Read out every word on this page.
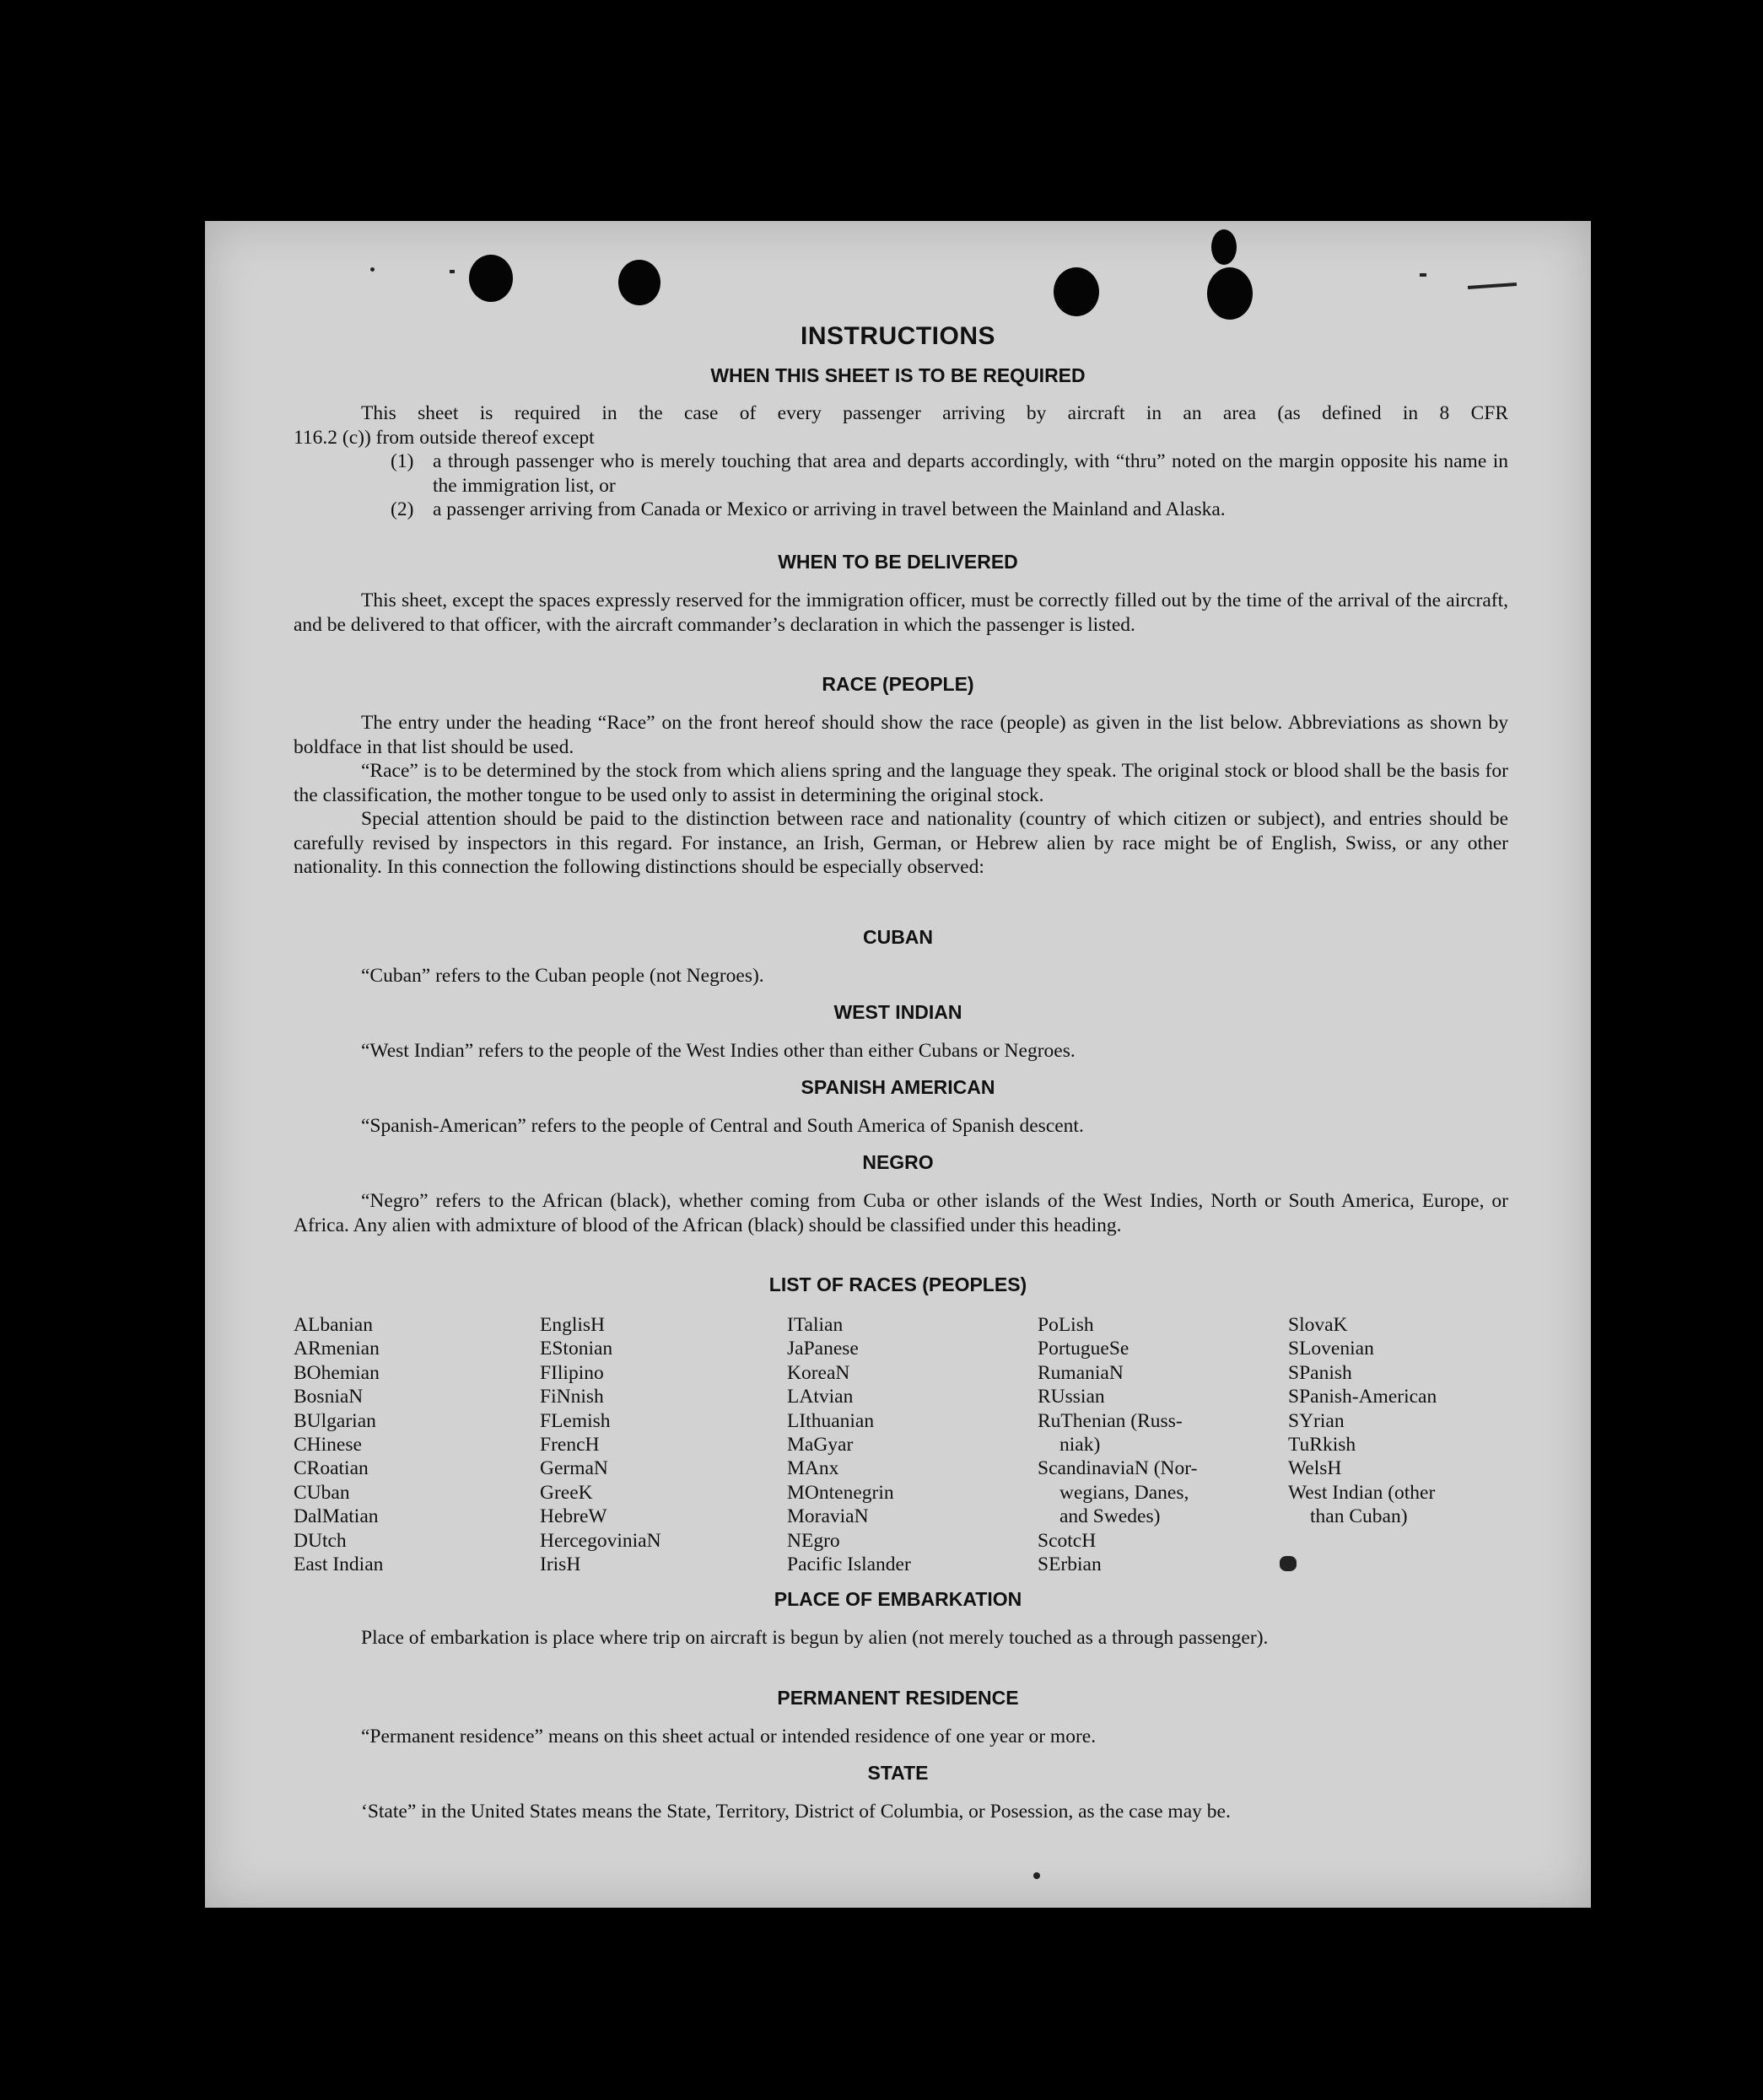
INSTRUCTIONS
WHEN THIS SHEET IS TO BE REQUIRED

This sheet is required in the case of every passenger arriving by aircraft in an area (as defined in 8 CFR

116.2 (c)) from outside thereof except

(1) a through passenger who is merely touching that area and departs accordingly, with “thru” noted on the margin opposite his name in the immigration list, or
(2) a passenger arriving from Canada or Mexico or arriving in travel between the Mainland and Alaska.
WHEN TO BE DELIVERED

This sheet, except the spaces expressly reserved for the immigration officer, must be correctly filled out by the time of the arrival of the aircraft, and be delivered to that officer, with the aircraft commander’s declaration in which the passenger is listed.

RACE (PEOPLE)

The entry under the heading “Race” on the front hereof should show the race (people) as given in the list below. Abbreviations as shown by boldface in that list should be used.

“Race” is to be determined by the stock from which aliens spring and the language they speak. The original stock or blood shall be the basis for the classification, the mother tongue to be used only to assist in determining the original stock.

Special attention should be paid to the distinction between race and nationality (country of which citizen or subject), and entries should be carefully revised by inspectors in this regard. For instance, an Irish, German, or Hebrew alien by race might be of English, Swiss, or any other nationality. In this connection the following distinctions should be especially observed:

CUBAN

“Cuban” refers to the Cuban people (not Negroes).

WEST INDIAN

“West Indian” refers to the people of the West Indies other than either Cubans or Negroes.

SPANISH AMERICAN

“Spanish-American” refers to the people of Central and South America of Spanish descent.

NEGRO

“Negro” refers to the African (black), whether coming from Cuba or other islands of the West Indies, North or South America, Europe, or Africa. Any alien with admixture of blood of the African (black) should be classified under this heading.

LIST OF RACES (PEOPLES)
ALbanian
ARmenian
BOhemian
BosniaN
BUlgarian
CHinese
CRoatian
CUban
DalMatian
DUtch
East Indian
EnglisH
EStonian
FIlipino
FiNnish
FLemish
FrencH
GermaN
GreeK
HebreW
HercegoviniaN
IrisH
ITalian
JaPanese
KoreaN
LAtvian
LIthuanian
MaGyar
MAnx
MOntenegrin
MoraviaN
NEgro
Pacific Islander
PoLish
PortugueSe
RumaniaN
RUssian
RuThenian (Russ-
niak)
ScandinaviaN (Nor-
wegians, Danes,
and Swedes)
ScotcH
SErbian
SlovaK
SLovenian
SPanish
SPanish-American
SYrian
TuRkish
WelsH
West Indian (other
than Cuban)
PLACE OF EMBARKATION

Place of embarkation is place where trip on aircraft is begun by alien (not merely touched as a through passenger).

PERMANENT RESIDENCE

“Permanent residence” means on this sheet actual or intended residence of one year or more.

STATE

‘State” in the United States means the State, Territory, District of Columbia, or Posession, as the case may be.
